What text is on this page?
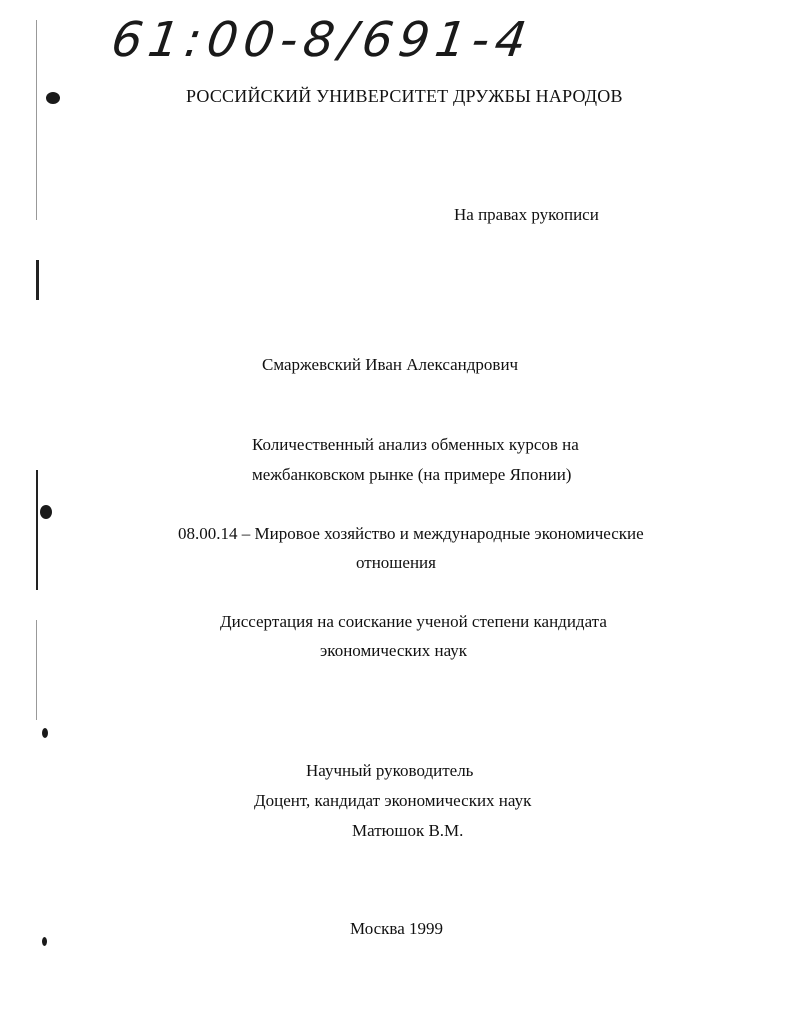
61:00-8/691-4
РОССИЙСКИЙ УНИВЕРСИТЕТ ДРУЖБЫ НАРОДОВ
На правах рукописи
Смаржевский Иван Александрович
Количественный анализ обменных курсов на
межбанковском рынке (на примере Японии)
08.00.14 – Мировое хозяйство и международные экономические
отношения
Диссертация на соискание ученой степени кандидата
экономических наук
Научный руководитель
Доцент, кандидат экономических наук
Матюшок В.М.
Москва 1999
